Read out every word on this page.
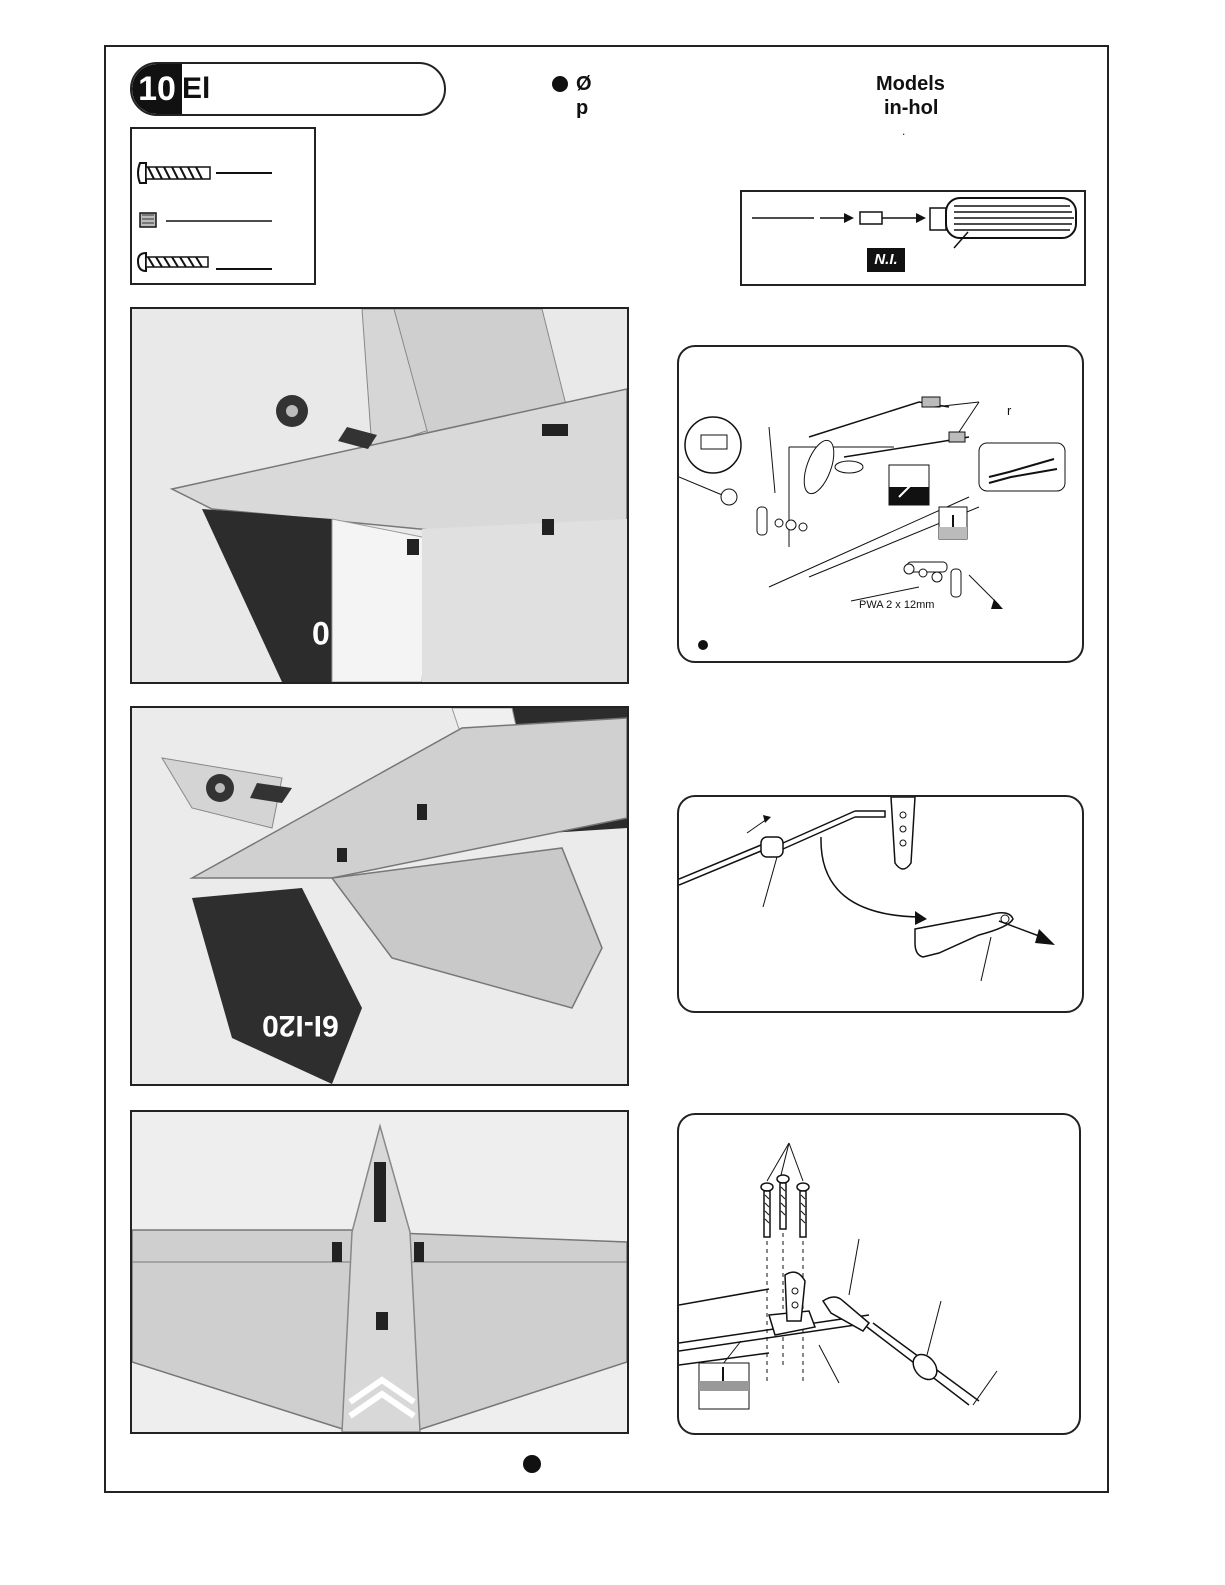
10 El	Ø
p
Models
in-hol
.
N.I.
0
r
PWA 2 x 12mm
6I-I20
